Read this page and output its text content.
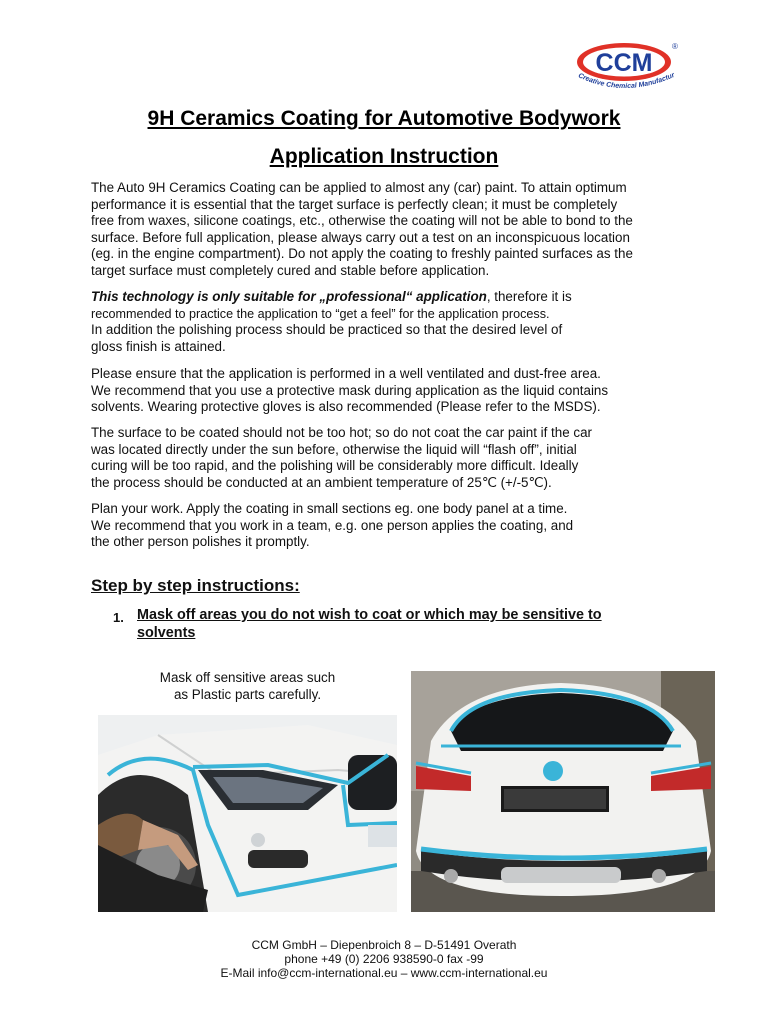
CCM
®
Creative Chemical Manufactur
9H Ceramics Coating for Automotive Bodywork
Application Instruction
The Auto 9H Ceramics Coating can be applied to almost any (car) paint. To attain optimum
performance it is essential that the target surface is perfectly clean; it must be completely
free from waxes, silicone coatings, etc., otherwise the coating will not be able to bond to the
surface. Before full application, please always carry out a test on an inconspicuous location
(eg. in the engine compartment). Do not apply the coating to freshly painted surfaces as the
target surface must completely cured and stable before application.
This technology is only suitable for „professional“ application, therefore it is
recommended to practice the application to “get a feel” for the application process.
In addition the polishing process should be practiced so that the desired level of
gloss finish is attained.
Please ensure that the application is performed in a well ventilated and dust-free area.
We recommend that you use a protective mask during application as the liquid contains
solvents. Wearing protective gloves is also recommended (Please refer to the MSDS).
The surface to be coated should not be too hot; so do not coat the car paint if the car
was located directly under the sun before, otherwise the liquid will “flash off”, initial
curing will be too rapid, and the polishing will be considerably more difficult. Ideally
the process should be conducted at an ambient temperature of 25℃ (+/-5℃).
Plan your work. Apply the coating in small sections eg. one body panel at a time.
We recommend that you work in a team, e.g. one person applies the coating, and
the other person polishes it promptly.
Step by step instructions:
1. Mask off areas you do not wish to coat or which may be sensitive to
solvents
Mask off sensitive areas such
as Plastic parts carefully.
CCM GmbH – Diepenbroich 8 – D-51491 Overath
phone +49 (0) 2206 938590-0 fax -99
E-Mail info@ccm-international.eu – www.ccm-international.eu
